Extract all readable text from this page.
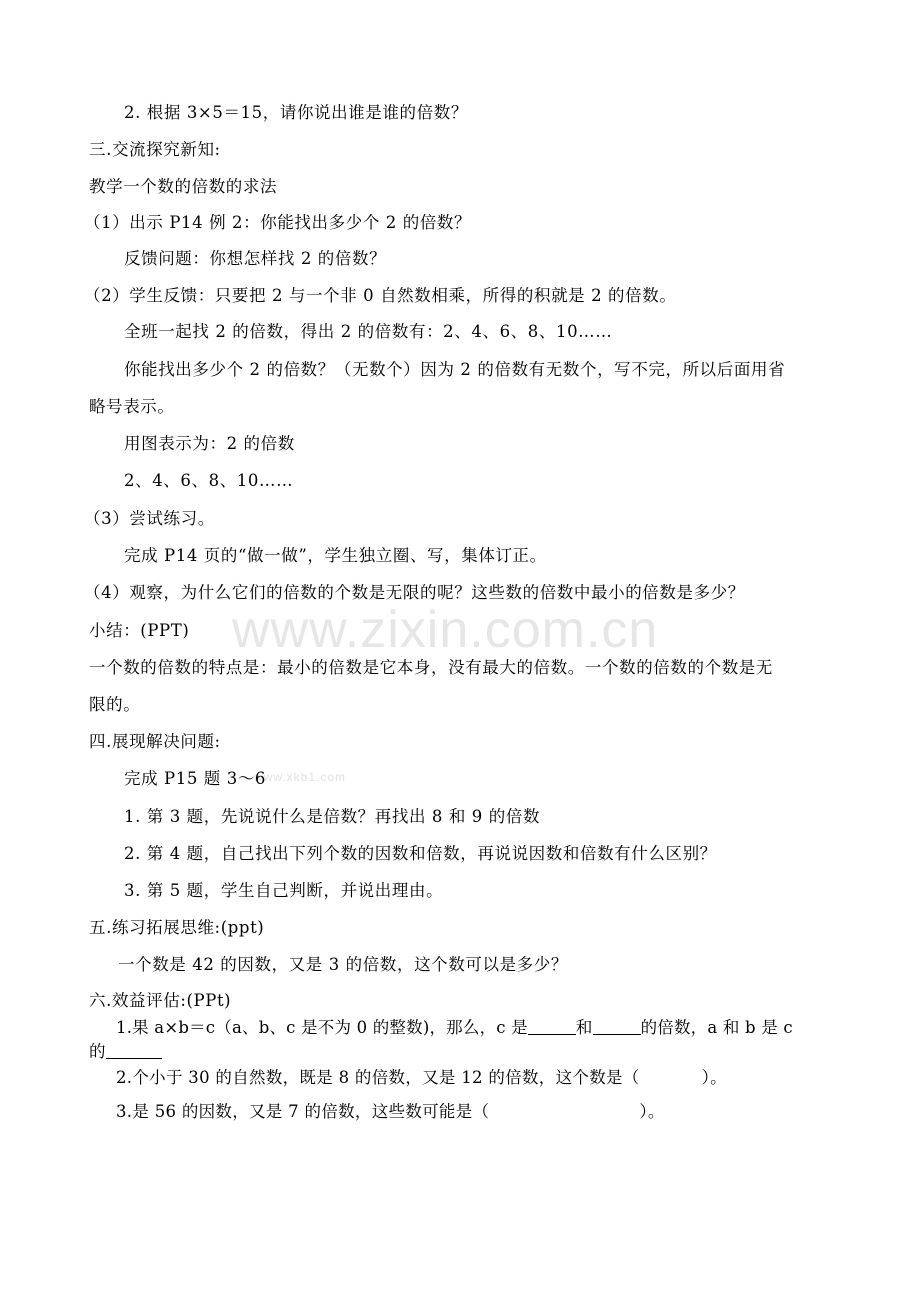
www.zixin.com.cn
www.xkb1.com
2. 根据 3×5＝15，请你说出谁是谁的倍数？
三.交流探究新知:
教学一个数的倍数的求法
（1）出示 P14 例 2：你能找出多少个 2 的倍数？
反馈问题：你想怎样找 2 的倍数？
（2）学生反馈：只要把 2 与一个非 0 自然数相乘，所得的积就是 2 的倍数。
全班一起找 2 的倍数，得出 2 的倍数有：2、4、6、8、10……
你能找出多少个 2 的倍数？（无数个）因为 2 的倍数有无数个，写不完，所以后面用省
略号表示。
用图表示为：2 的倍数
2、4、6、8、10……
（3）尝试练习。
完成 P14 页的“做一做”，学生独立圈、写，集体订正。
（4）观察，为什么它们的倍数的个数是无限的呢？这些数的倍数中最小的倍数是多少？
小结：(PPT)
一个数的倍数的特点是：最小的倍数是它本身，没有最大的倍数。一个数的倍数的个数是无
限的。
四.展现解决问题:
完成 P15 题 3～6
1. 第 3 题，先说说什么是倍数？再找出 8 和 9 的倍数
2. 第 4 题，自己找出下列个数的因数和倍数，再说说因数和倍数有什么区别？
3. 第 5 题，学生自己判断，并说出理由。
五.练习拓展思维:(ppt)
一个数是 42 的因数，又是 3 的倍数，这个数可以是多少？
六.效益评估:(PPt)
1.果 a×b＝c（a、b、c 是不为 0 的整数)，那么，c 是	和	的倍数，a 和 b 是 c
的
2.个小于 30 的自然数，既是 8 的倍数，又是 12 的倍数，这个数是（	）。
3.是 56 的因数，又是 7 的倍数，这些数可能是（	）。
